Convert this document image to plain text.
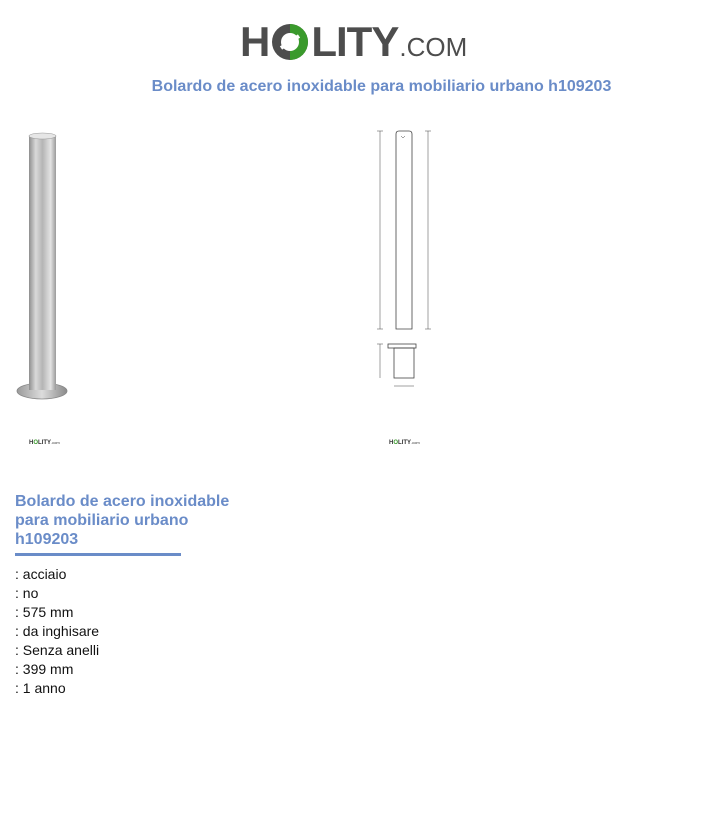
H LITY.COM
Bolardo de acero inoxidable para mobiliario urbano h109203
HOLITY.com	HOLITY.com
Bolardo de acero inoxidable para mobiliario urbano h109203
: acciaio
: no
: 575 mm
: da inghisare
: Senza anelli
: 399 mm
: 1 anno
